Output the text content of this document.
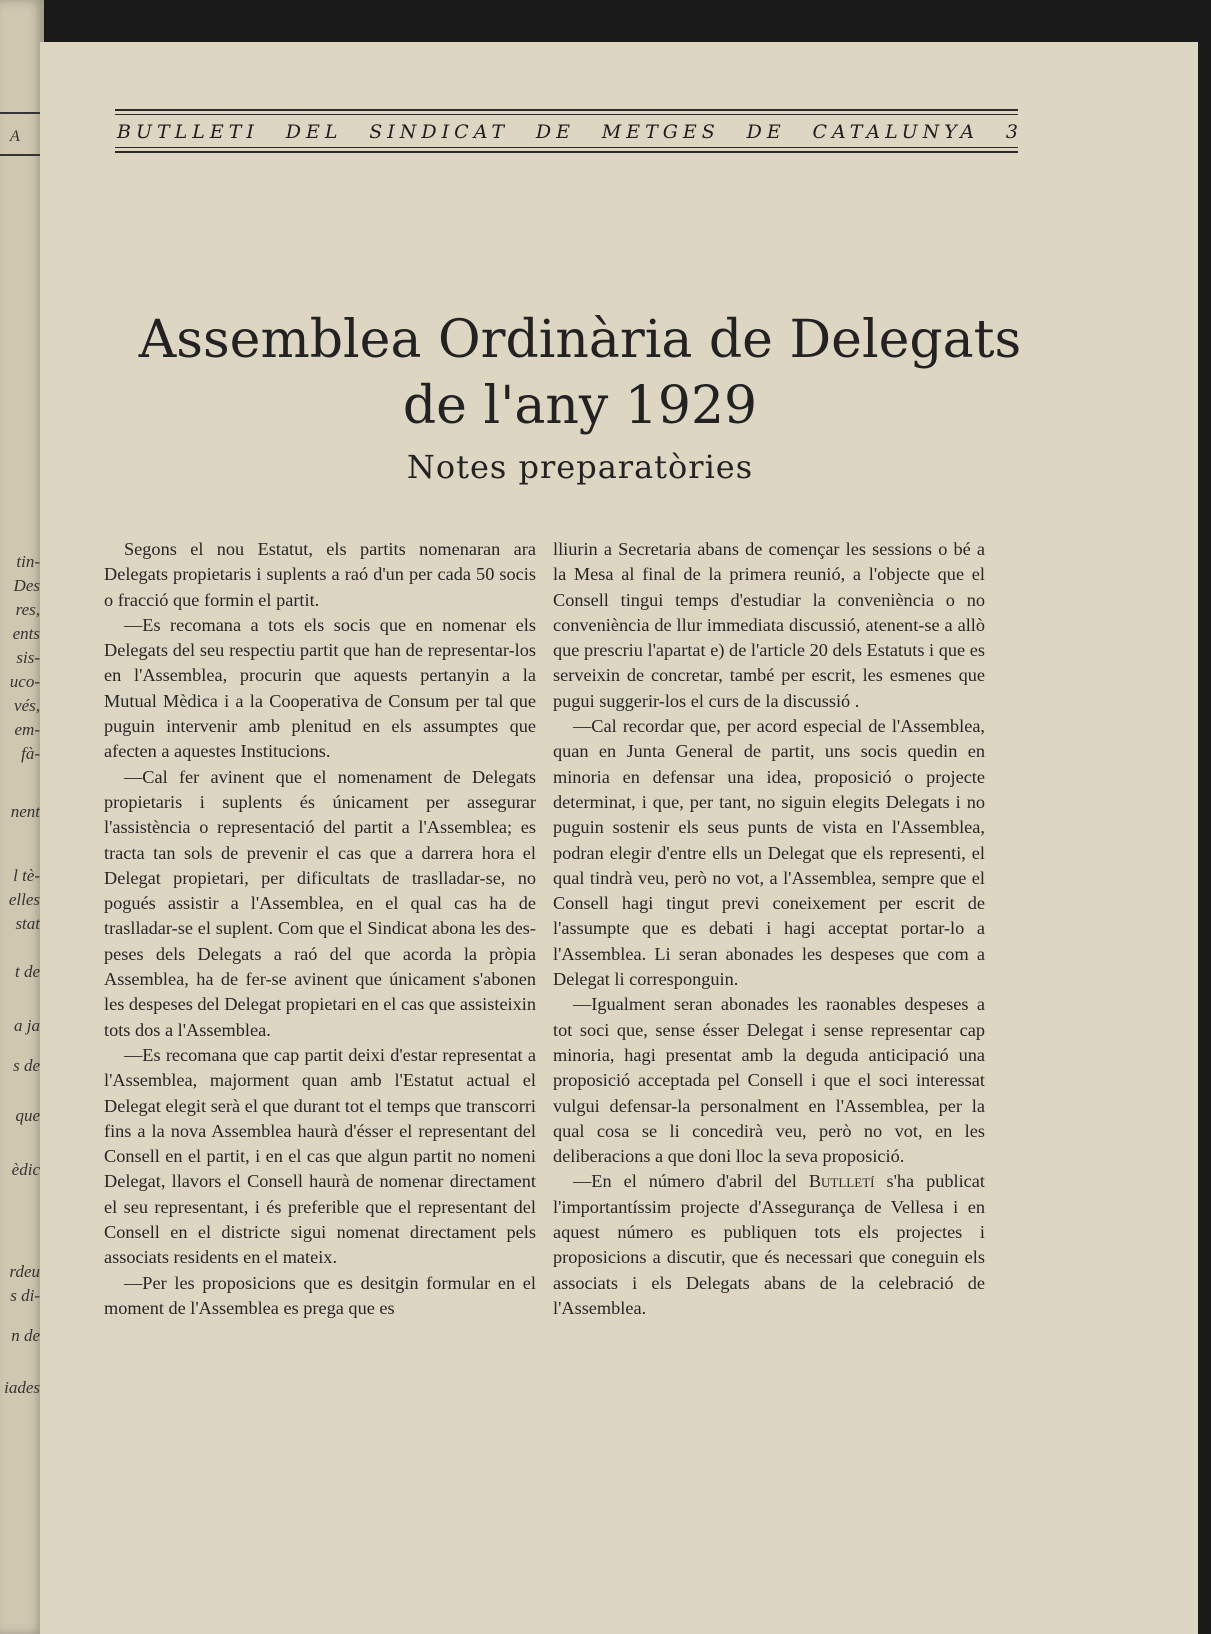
A
tin-
Des
res,
ents
sis-
uco-
vés,
em-
fà-
nent
l tè-
elles
stat
t de
a ja
s de
que
èdic
rdeu
s di-
n de
iades
BUTLLETI DEL SINDICAT DE METGES DE CATALUNYA 3
Assemblea Ordinària de Delegats
de l'any 1929
Notes preparatòries

Segons el nou Estatut, els partits nomenaran ara Delegats propietaris i suplents a raó d'un per cada 50 socis o fracció que formin el partit.

—Es recomana a tots els socis que en nomenar els Delegats del seu respectiu partit que han de representar-los en l'Assemblea, procurin que aquests pertanyin a la Mutual Mèdica i a la Cooperativa de Consum per tal que puguin intervenir amb plenitud en els assumptes que afecten a aquestes Institucions.

—Cal fer avinent que el nomenament de Delegats propietaris i suplents és únicament per assegurar l'assistència o representació del partit a l'Assemblea; es tracta tan sols de prevenir el cas que a darrera hora el Delegat propietari, per dificultats de traslladar-se, no pogués assistir a l'Assemblea, en el qual cas ha de traslladar-se el suplent. Com que el Sindicat abona les despeses dels Delegats a raó del que acorda la pròpia Assemblea, ha de fer-se avinent que únicament s'abonen les despeses del Delegat propietari en el cas que assisteixin tots dos a l'Assemblea.

—Es recomana que cap partit deixi d'estar representat a l'Assemblea, majorment quan amb l'Estatut actual el Delegat elegit serà el que durant tot el temps que transcorri fins a la nova Assemblea haurà d'ésser el representant del Consell en el partit, i en el cas que algun partit no nomeni Delegat, llavors el Consell haurà de nomenar directament el seu representant, i és preferible que el representant del Consell en el districte sigui nomenat directament pels associats residents en el mateix.

—Per les proposicions que es desitgin formular en el moment de l'Assemblea es prega que es

lliurin a Secretaria abans de començar les sessions o bé a la Mesa al final de la primera reunió, a l'objecte que el Consell tingui temps d'estudiar la conveniència o no conveniència de llur immediata discussió, atenent-se a allò que prescriu l'apartat e) de l'article 20 dels Estatuts i que es serveixin de concretar, també per escrit, les esmenes que pugui suggerir-los el curs de la discussió .

—Cal recordar que, per acord especial de l'Assemblea, quan en Junta General de partit, uns socis quedin en minoria en defensar una idea, proposició o projecte determinat, i que, per tant, no siguin elegits Delegats i no puguin sostenir els seus punts de vista en l'Assemblea, podran elegir d'entre ells un Delegat que els representi, el qual tindrà veu, però no vot, a l'Assemblea, sempre que el Consell hagi tingut previ coneixement per escrit de l'assumpte que es debati i hagi acceptat portar-lo a l'Assemblea. Li seran abonades les despeses que com a Delegat li corresponguin.

—Igualment seran abonades les raonables despeses a tot soci que, sense ésser Delegat i sense representar cap minoria, hagi presentat amb la deguda anticipació una proposició acceptada pel Consell i que el soci interessat vulgui defensar-la personalment en l'Assemblea, per la qual cosa se li concedirà veu, però no vot, en les deliberacions a que doni lloc la seva proposició.

—En el número d'abril del Butlletí s'ha publicat l'importantíssim projecte d'Assegurança de Vellesa i en aquest número es publiquen tots els projectes i proposicions a discutir, que és necessari que coneguin els associats i els Delegats abans de la celebració de l'Assemblea.
